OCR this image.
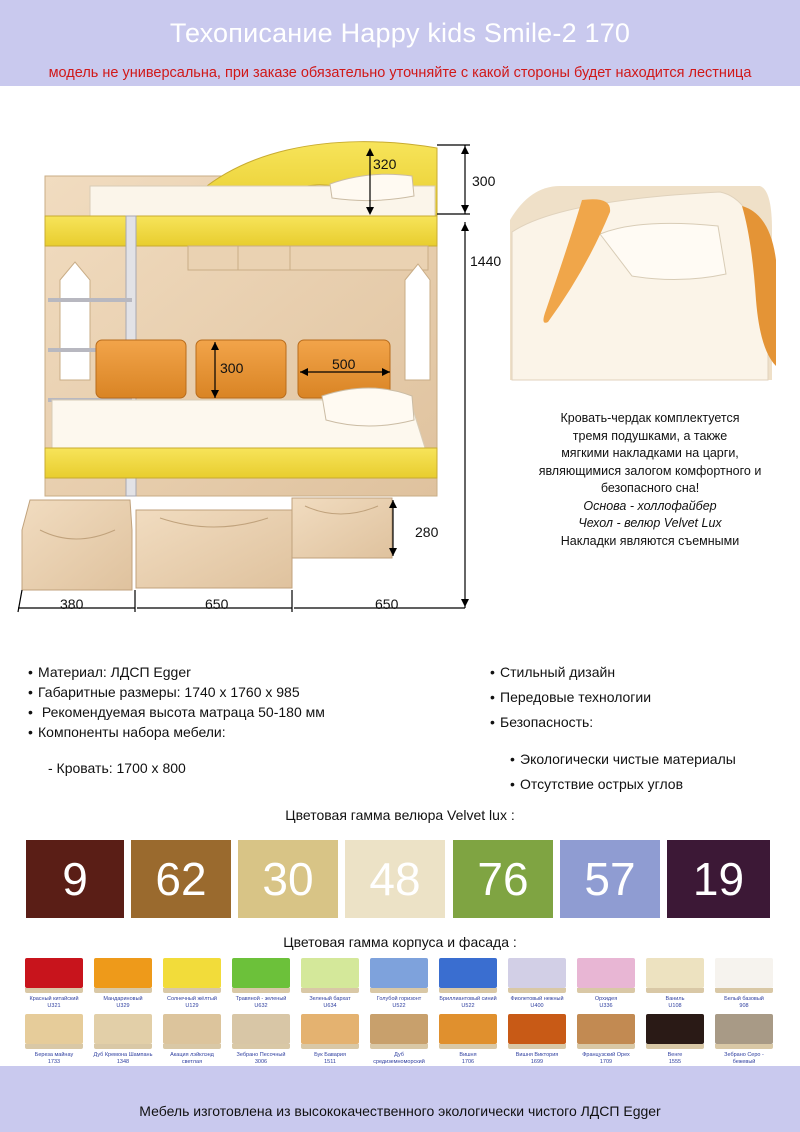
Техописание Happy kids Smile-2 170
модель не универсальна, при заказе обязательно уточняйте с какой стороны будет находится лестница
320
300
1440
300	500
280
380	650	650
Кровать-чердак комплектуется
тремя подушками, а также
мягкими накладками на царги,
являющимися залогом комфортного и
безопасного сна!
Основа - холлофайбер
Чехол - велюр Velvet Lux
Накладки являются съемными
• Материал: ЛДСП Egger
• Габаритные размеры: 1740 х 1760 х 985
• Рекомендуемая высота матраца 50-180 мм
• Компоненты набора мебели:
- Кровать: 1700 х 800
• Стильный дизайн
• Передовые технологии
• Безопасность:
• Экологически чистые материалы
• Отсутствие острых углов
Цветовая гамма велюра Velvet lux :
9	62	30	48	76	57	19
Цветовая гамма корпуса и фасада :
Красный китайский
U321
Мандариновый
U329
Солнечный жёлтый
U129
Травяной - зеленый
U632
Зеленый бархат
U634
Голубой горизонт
U522
Бриллиантовый синий
U522
Фиолетовый нежный
U400
Орхидея
U336
Ваниль
U108
Белый базовый
908
Береза майнау
1733
Дуб Кремона Шампань
1348
Акация лэйклэнд светлая
Зебрано Песочный
3006
Бук Бавария
1511
Дуб средиземноморский
Вишня
1706
Вишня Виктория
1699
Французский Орех
1709
Венге
1555
Зебрано Серо - бежевый
Мебель изготовлена из высококачественного экологически чистого ЛДСП Egger
